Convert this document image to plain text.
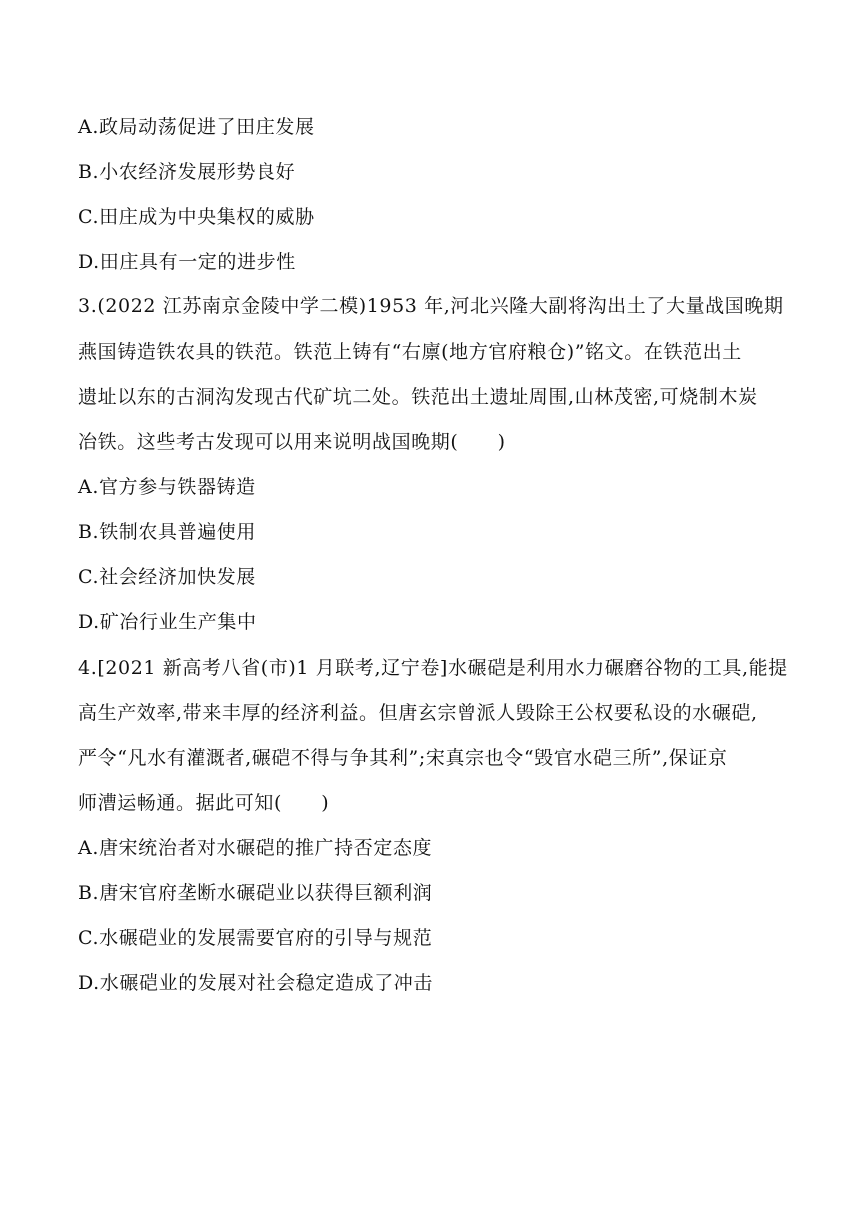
A.政局动荡促进了田庄发展
B.小农经济发展形势良好
C.田庄成为中央集权的威胁
D.田庄具有一定的进步性
3.(2022 江苏南京金陵中学二模)1953 年,河北兴隆大副将沟出土了大量战国晚期
燕国铸造铁农具的铁范。铁范上铸有“右廪(地方官府粮仓)”铭文。在铁范出土
遗址以东的古洞沟发现古代矿坑二处。铁范出土遗址周围,山林茂密,可烧制木炭
冶铁。这些考古发现可以用来说明战国晚期(　　)
A.官方参与铁器铸造
B.铁制农具普遍使用
C.社会经济加快发展
D.矿冶行业生产集中
4.[2021 新高考八省(市)1 月联考,辽宁卷]水碾硙是利用水力碾磨谷物的工具,能提
高生产效率,带来丰厚的经济利益。但唐玄宗曾派人毁除王公权要私设的水碾硙,
严令“凡水有灌溉者,碾硙不得与争其利”;宋真宗也令“毁官水硙三所”,保证京
师漕运畅通。据此可知(　　)
A.唐宋统治者对水碾硙的推广持否定态度
B.唐宋官府垄断水碾硙业以获得巨额利润
C.水碾硙业的发展需要官府的引导与规范
D.水碾硙业的发展对社会稳定造成了冲击
